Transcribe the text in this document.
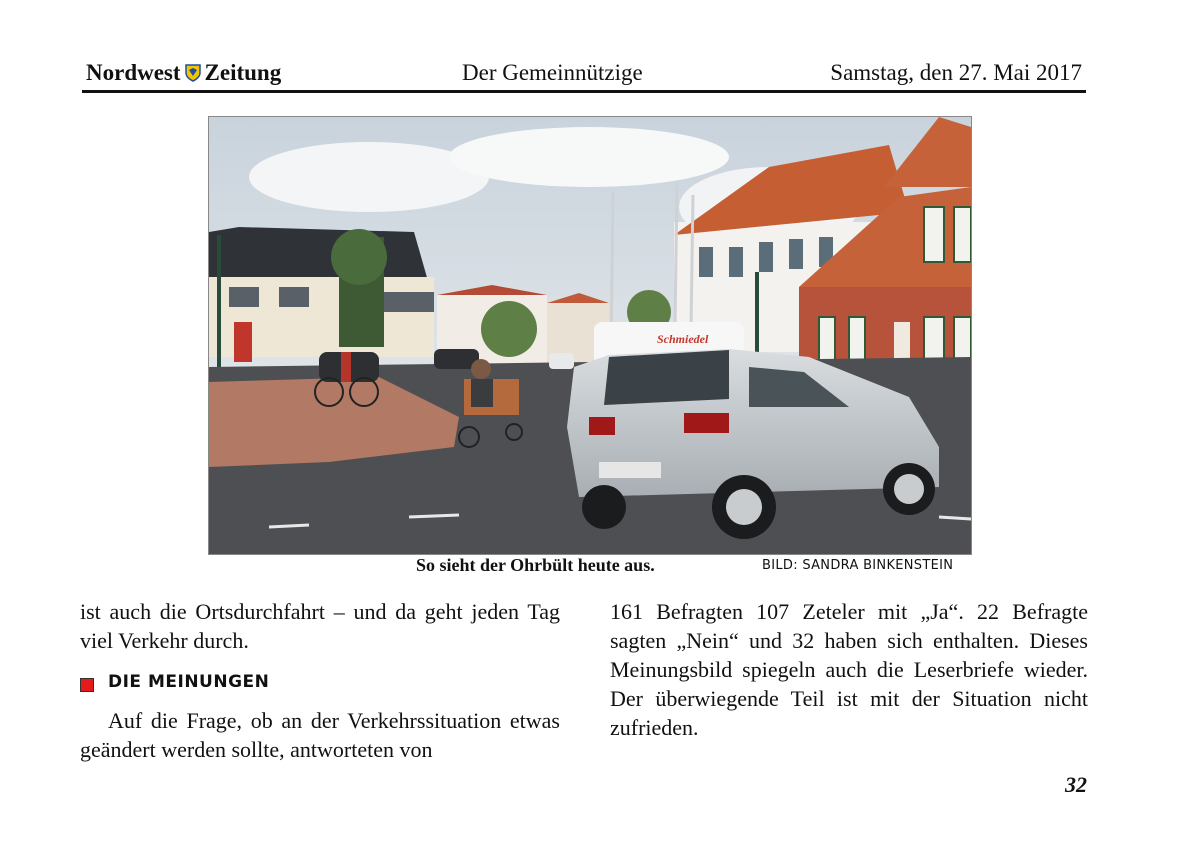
Nordwest Zeitung	Der Gemeinnützige	Samstag, den 27. Mai 2017
Schmiedel
So sieht der Ohrbült heute aus.	BILD: SANDRA BINKENSTEIN

ist auch die Ortsdurchfahrt – und da geht jeden Tag viel Verkehr durch.

DIE MEINUNGEN

Auf die Frage, ob an der Verkehrssituation etwas geändert werden sollte, antworteten von

161 Befragten 107 Zeteler mit „Ja“. 22 Befragte sagten „Nein“ und 32 haben sich enthalten. Dieses Meinungsbild spiegeln auch die Leserbriefe wieder. Der überwiegende Teil ist mit der Situation nicht zufrieden.

32
